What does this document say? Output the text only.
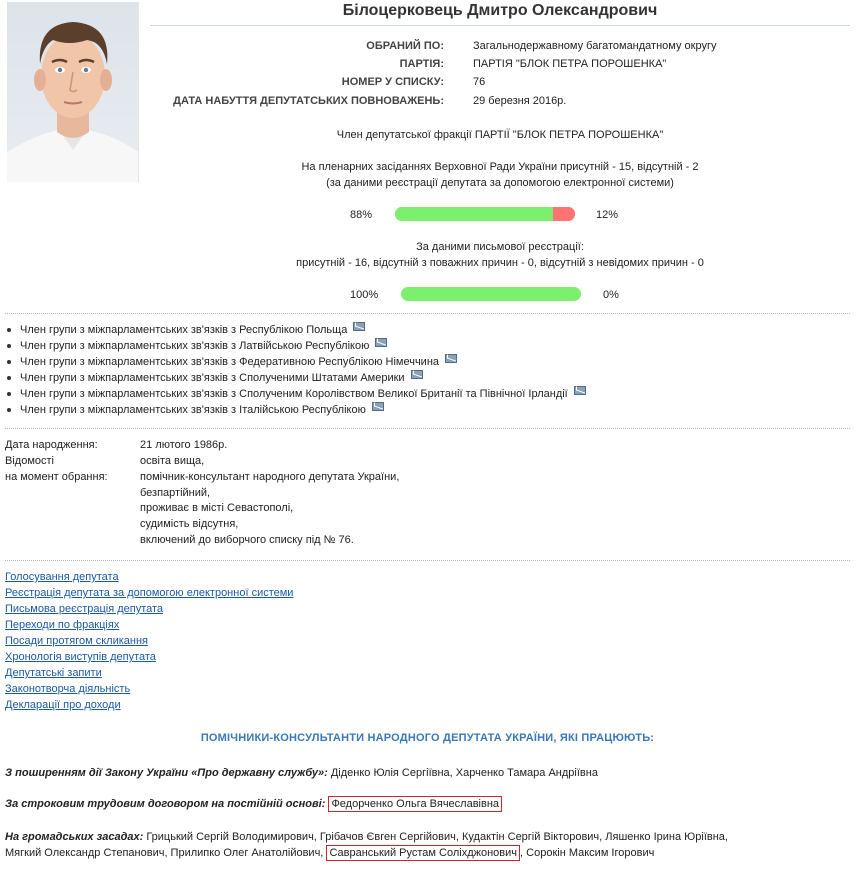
Білоцерковець Дмитро Олександрович
ОБРАНИЙ ПО:	Загальнодержавному багатомандатному округу
ПАРТІЯ:	ПАРТІЯ "БЛОК ПЕТРА ПОРОШЕНКА"
НОМЕР У СПИСКУ:	76
ДАТА НАБУТТЯ ДЕПУТАТСЬКИХ ПОВНОВАЖЕНЬ:	29 березня 2016р.
Член депутатської фракції ПАРТІЇ "БЛОК ПЕТРА ПОРОШЕНКА"
На пленарних засіданнях Верховної Ради України присутній - 15, відсутній - 2
(за даними реєстрації депутата за допомогою електронної системи)
88%	12%
За даними письмової реєстрації:
присутній - 16, відсутній з поважних причин - 0, відсутній з невідомих причин - 0
100%	0%
Член групи з міжпарламентських зв'язків з Республікою Польща
Член групи з міжпарламентських зв'язків з Латвійською Республікою
Член групи з міжпарламентських зв'язків з Федеративною Республікою Німеччина
Член групи з міжпарламентських зв'язків з Сполученими Штатами Америки
Член групи з міжпарламентських зв'язків з Сполученим Королівством Великої Британії та Північної Ірландії
Член групи з міжпарламентських зв'язків з Італійською Республікою
Дата народження:	21 лютого 1986р.
Відомості
на момент обрання:
освіта вища,
помічник-консультант народного депутата України,
безпартійний,
проживає в місті Севастополі,
судимість відсутня,
включений до виборчого списку під № 76.
Голосування депутата
Реєстрація депутата за допомогою електронної системи
Письмова реєстрація депутата
Переходи по фракціях
Посади протягом скликання
Хронологія виступів депутата
Депутатські запити
Законотворча діяльність
Декларації про доходи
ПОМІЧНИКИ-КОНСУЛЬТАНТИ НАРОДНОГО ДЕПУТАТА УКРАЇНИ, ЯКІ ПРАЦЮЮТЬ:
З поширенням дії Закону України «Про державну службу»: Діденко Юлія Сергіївна, Харченко Тамара Андріївна
За строковим трудовим договором на постійній основі: Федорченко Ольга Вячеславівна
На громадських засадах: Грицький Сергій Володимирович, Грібачов Євген Сергійович, Кудактін Сергій Вікторович, Ляшенко Ірина Юріївна,
Мягкий Олександр Степанович, Прилипко Олег Анатолійович, Савранський Рустам Соліхджонович , Сорокін Максим Ігорович
